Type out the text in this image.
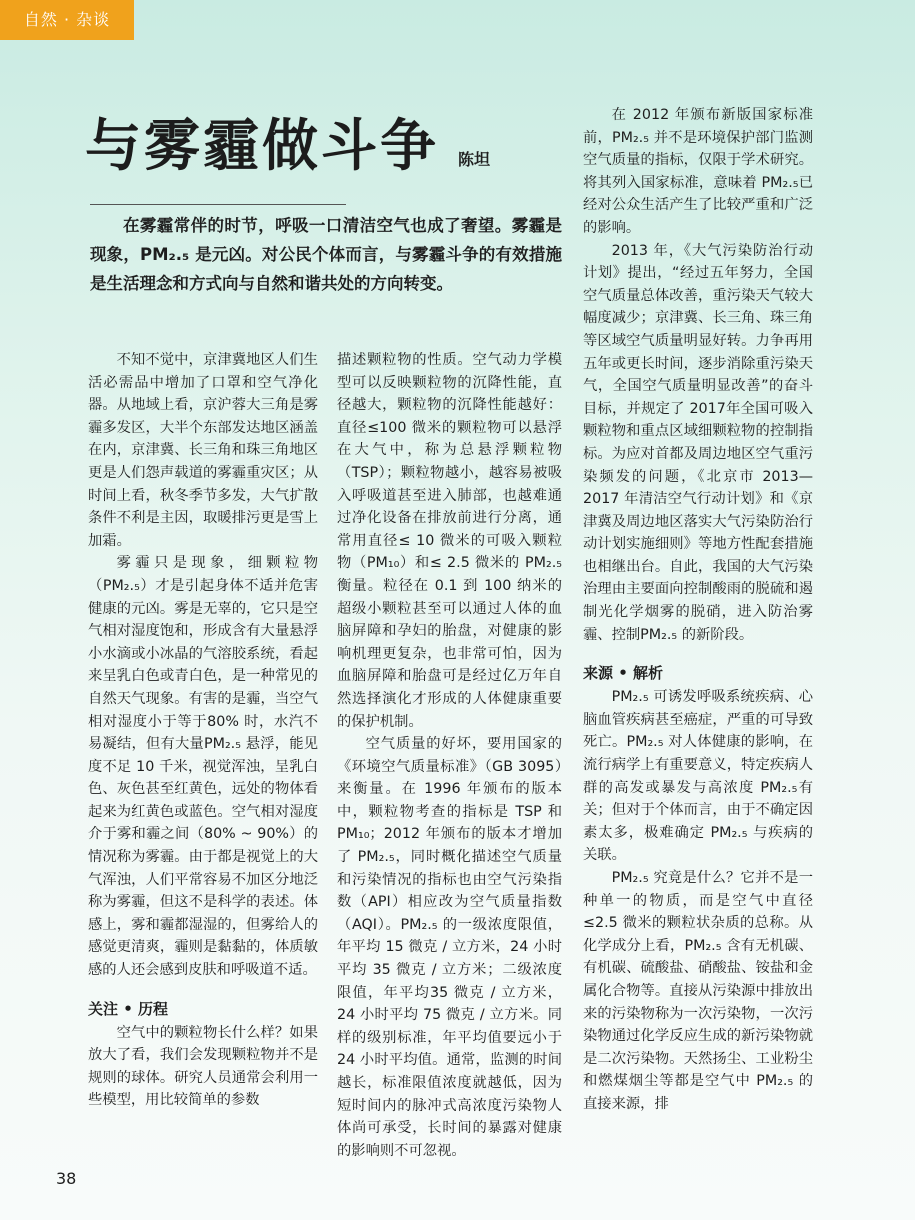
自然 · 杂谈
与雾霾做斗争 陈坦

在雾霾常伴的时节，呼吸一口清洁空气也成了奢望。雾霾是现象，PM₂.₅ 是元凶。对公民个体而言，与雾霾斗争的有效措施是生活理念和方式向与自然和谐共处的方向转变。

不知不觉中，京津冀地区人们生活必需品中增加了口罩和空气净化器。从地域上看，京沪蓉大三角是雾霾多发区，大半个东部发达地区涵盖在内，京津冀、长三角和珠三角地区更是人们怨声载道的雾霾重灾区；从时间上看，秋冬季节多发，大气扩散条件不利是主因，取暖排污更是雪上加霜。

雾霾只是现象，细颗粒物（PM₂.₅）才是引起身体不适并危害健康的元凶。雾是无辜的，它只是空气相对湿度饱和，形成含有大量悬浮小水滴或小冰晶的气溶胶系统，看起来呈乳白色或青白色，是一种常见的自然天气现象。有害的是霾，当空气相对湿度小于等于80% 时，水汽不易凝结，但有大量PM₂.₅ 悬浮，能见度不足 10 千米，视觉浑浊，呈乳白色、灰色甚至红黄色，远处的物体看起来为红黄色或蓝色。空气相对湿度介于雾和霾之间（80% ~ 90%）的情况称为雾霾。由于都是视觉上的大气浑浊，人们平常容易不加区分地泛称为雾霾，但这不是科学的表述。体感上，雾和霾都湿湿的，但雾给人的感觉更清爽，霾则是黏黏的，体质敏感的人还会感到皮肤和呼吸道不适。

关注 • 历程

空气中的颗粒物长什么样？如果放大了看，我们会发现颗粒物并不是规则的球体。研究人员通常会利用一些模型，用比较简单的参数

描述颗粒物的性质。空气动力学模型可以反映颗粒物的沉降性能，直径越大，颗粒物的沉降性能越好：直径≤100 微米的颗粒物可以悬浮在大气中，称为总悬浮颗粒物（TSP）；颗粒物越小，越容易被吸入呼吸道甚至进入肺部，也越难通过净化设备在排放前进行分离，通常用直径≤ 10 微米的可吸入颗粒物（PM₁₀）和≤ 2.5 微米的 PM₂.₅ 衡量。粒径在 0.1 到 100 纳米的超级小颗粒甚至可以通过人体的血脑屏障和孕妇的胎盘，对健康的影响机理更复杂，也非常可怕，因为血脑屏障和胎盘可是经过亿万年自然选择演化才形成的人体健康重要的保护机制。

空气质量的好坏，要用国家的《环境空气质量标准》（GB 3095）来衡量。在 1996 年颁布的版本中，颗粒物考查的指标是 TSP 和 PM₁₀；2012 年颁布的版本才增加了 PM₂.₅，同时概化描述空气质量和污染情况的指标也由空气污染指数（API）相应改为空气质量指数（AQI）。PM₂.₅ 的一级浓度限值，年平均 15 微克 / 立方米，24 小时平均 35 微克 / 立方米；二级浓度限值，年平均35 微克 / 立方米，24 小时平均 75 微克 / 立方米。同样的级别标准，年平均值要远小于 24 小时平均值。通常，监测的时间越长，标准限值浓度就越低，因为短时间内的脉冲式高浓度污染物人体尚可承受，长时间的暴露对健康的影响则不可忽视。

在 2012 年颁布新版国家标准前，PM₂.₅ 并不是环境保护部门监测空气质量的指标，仅限于学术研究。将其列入国家标准，意味着 PM₂.₅已经对公众生活产生了比较严重和广泛的影响。

2013 年，《大气污染防治行动计划》提出，“经过五年努力，全国空气质量总体改善，重污染天气较大幅度减少；京津冀、长三角、珠三角等区域空气质量明显好转。力争再用五年或更长时间，逐步消除重污染天气，全国空气质量明显改善”的奋斗目标，并规定了 2017年全国可吸入颗粒物和重点区域细颗粒物的控制指标。为应对首都及周边地区空气重污染频发的问题，《北京市 2013—2017 年清洁空气行动计划》和《京津冀及周边地区落实大气污染防治行动计划实施细则》等地方性配套措施也相继出台。自此，我国的大气污染治理由主要面向控制酸雨的脱硫和遏制光化学烟雾的脱硝，进入防治雾霾、控制PM₂.₅ 的新阶段。

来源 • 解析

PM₂.₅ 可诱发呼吸系统疾病、心脑血管疾病甚至癌症，严重的可导致死亡。PM₂.₅ 对人体健康的影响，在流行病学上有重要意义，特定疾病人群的高发或暴发与高浓度 PM₂.₅有关；但对于个体而言，由于不确定因素太多，极难确定 PM₂.₅ 与疾病的关联。

PM₂.₅ 究竟是什么？它并不是一种单一的物质，而是空气中直径≤2.5 微米的颗粒状杂质的总称。从化学成分上看，PM₂.₅ 含有无机碳、有机碳、硫酸盐、硝酸盐、铵盐和金属化合物等。直接从污染源中排放出来的污染物称为一次污染物，一次污染物通过化学反应生成的新污染物就是二次污染物。天然扬尘、工业粉尘和燃煤烟尘等都是空气中 PM₂.₅ 的直接来源，排

38
